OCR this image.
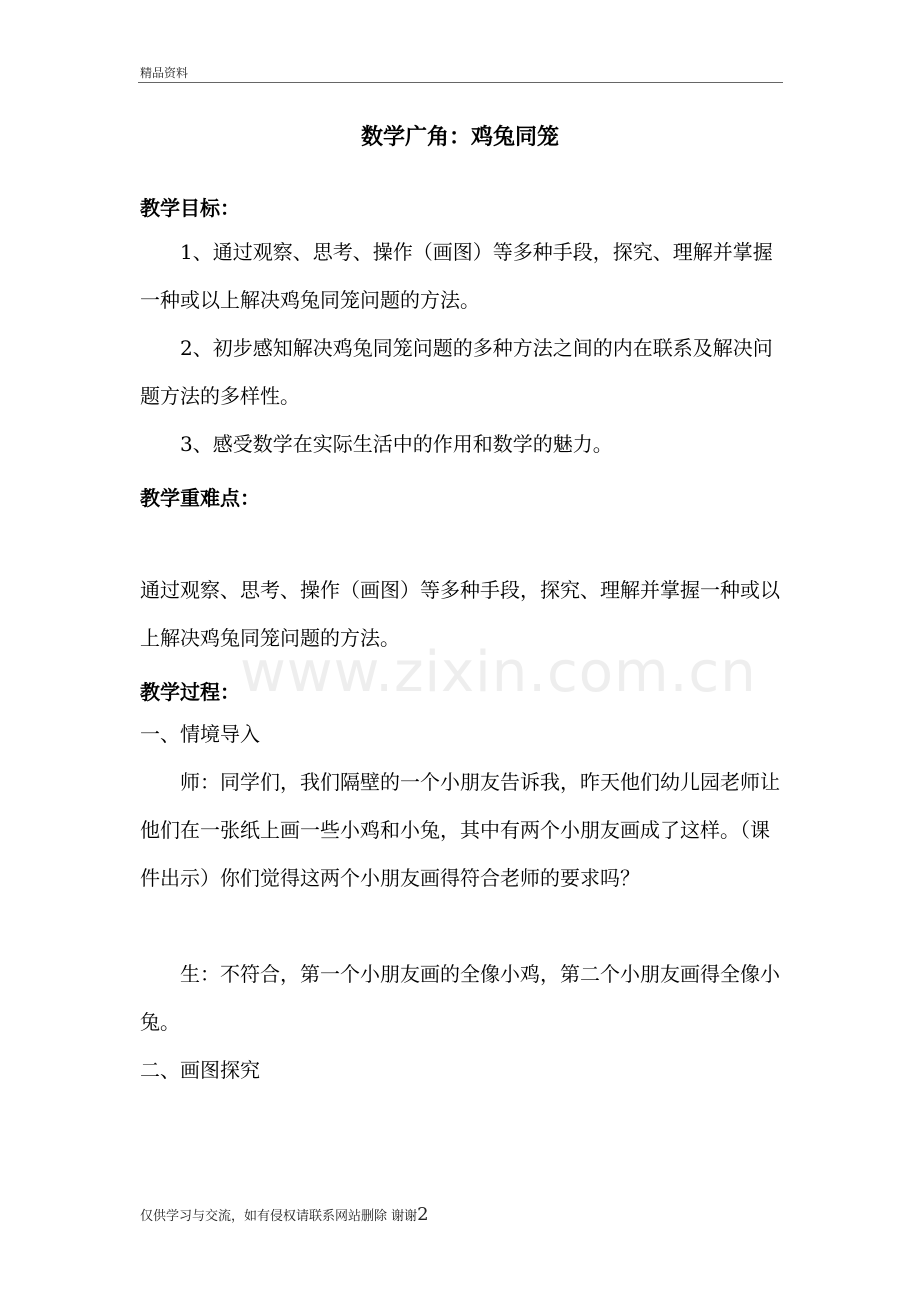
精品资料
数学广角：鸡兔同笼
教学目标：

1、通过观察、思考、操作（画图）等多种手段，探究、理解并掌握一种或以上解决鸡兔同笼问题的方法。

2、初步感知解决鸡兔同笼问题的多种方法之间的内在联系及解决问题方法的多样性。

3、感受数学在实际生活中的作用和数学的魅力。

教学重难点：

通过观察、思考、操作（画图）等多种手段，探究、理解并掌握一种或以上解决鸡兔同笼问题的方法。

www.zixin.com.cn
教学过程：

一、情境导入

师：同学们，我们隔壁的一个小朋友告诉我，昨天他们幼儿园老师让他们在一张纸上画一些小鸡和小兔，其中有两个小朋友画成了这样。（课件出示）你们觉得这两个小朋友画得符合老师的要求吗？

生：不符合，第一个小朋友画的全像小鸡，第二个小朋友画得全像小兔。

二、画图探究

仅供学习与交流，如有侵权请联系网站删除 谢谢2
